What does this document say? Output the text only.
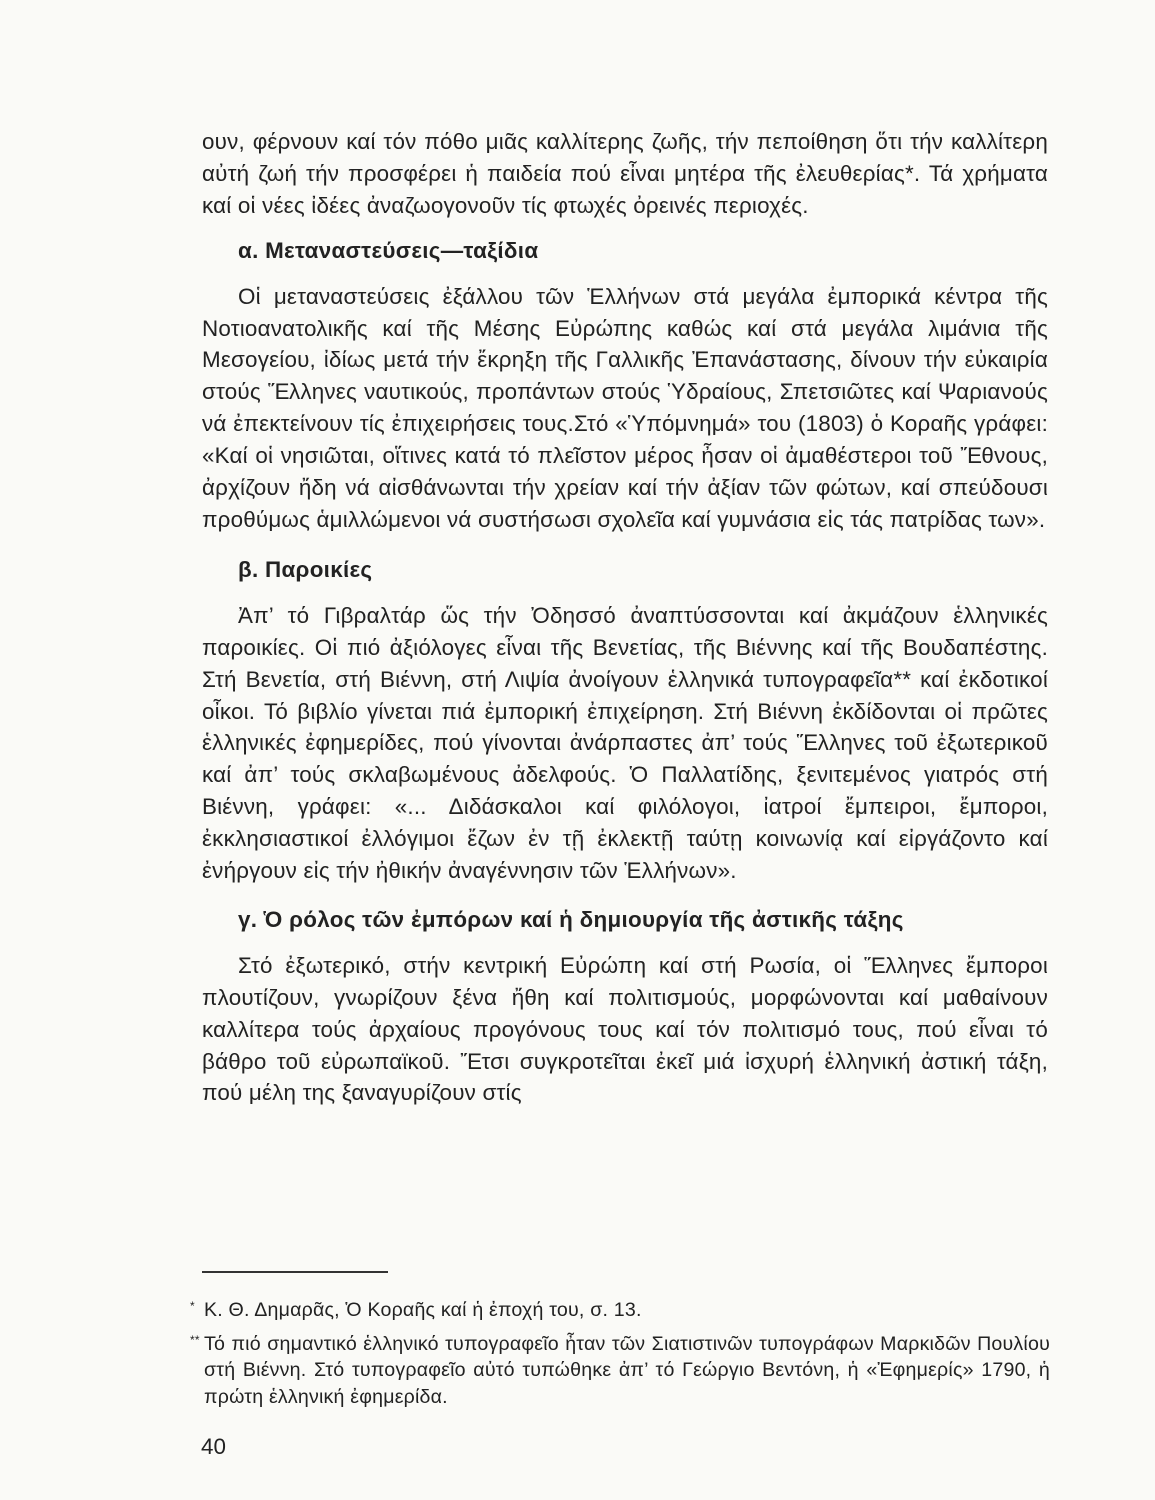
ουν, φέρνουν καί τόν πόθο μιᾶς καλλίτερης ζωῆς, τήν πεποίθηση ὅτι τήν καλλίτερη αὐτή ζωή τήν προσφέρει ἡ παιδεία πού εἶναι μητέρα τῆς ἐλευθερίας*. Τά χρήματα καί οἱ νέες ἰδέες ἀναζωογονοῦν τίς φτωχές ὀρεινές περιοχές.

α. Μεταναστεύσεις—ταξίδια

Οἱ μεταναστεύσεις ἐξάλλου τῶν Ἑλλήνων στά μεγάλα ἐμπορικά κέντρα τῆς Νοτιοανατολικῆς καί τῆς Μέσης Εὐρώπης καθώς καί στά μεγάλα λιμάνια τῆς Μεσογείου, ἰδίως μετά τήν ἔκρηξη τῆς Γαλλικῆς Ἐπανάστασης, δίνουν τήν εὐκαιρία στούς Ἕλληνες ναυτικούς, προπάντων στούς Ὑδραίους, Σπετσιῶτες καί Ψαριανούς νά ἐπεκτείνουν τίς ἐπιχειρήσεις τους.Στό «Ὑπόμνημά» του (1803) ὁ Κοραῆς γράφει: «Καί οἱ νησιῶται, οἵτινες κατά τό πλεῖστον μέρος ἦσαν οἱ ἀμαθέστεροι τοῦ Ἔθνους, ἀρχίζουν ἤδη νά αἰσθάνωνται τήν χρείαν καί τήν ἀξίαν τῶν φώτων, καί σπεύδουσι προθύμως ἁμιλλώμενοι νά συστήσωσι σχολεῖα καί γυμνάσια εἰς τάς πατρίδας των».

β. Παροικίες

Ἀπ’ τό Γιβραλτάρ ὥς τήν Ὀδησσό ἀναπτύσσονται καί ἀκμάζουν ἑλληνικές παροικίες. Οἱ πιό ἀξιόλογες εἶναι τῆς Βενετίας, τῆς Βιέννης καί τῆς Βουδαπέστης. Στή Βενετία, στή Βιέννη, στή Λιψία ἀνοίγουν ἑλληνικά τυπογραφεῖα** καί ἐκδοτικοί οἶκοι. Τό βιβλίο γίνεται πιά ἐμπορική ἐπιχείρηση. Στή Βιέννη ἐκδίδονται οἱ πρῶτες ἑλληνικές ἐφημερίδες, πού γίνονται ἀνάρπαστες ἀπ’ τούς Ἕλληνες τοῦ ἐξωτερικοῦ καί ἀπ’ τούς σκλαβωμένους ἀδελφούς. Ὁ Παλλατίδης, ξενιτεμένος γιατρός στή Βιέννη, γράφει: «... Διδάσκαλοι καί φιλόλογοι, ἰατροί ἔμπειροι, ἔμποροι, ἐκκλησιαστικοί ἐλλόγιμοι ἔζων ἐν τῇ ἐκλεκτῇ ταύτῃ κοινωνίᾳ καί εἰργάζοντο καί ἐνήργουν εἰς τήν ἠθικήν ἀναγέννησιν τῶν Ἑλλήνων».

γ. Ὁ ρόλος τῶν ἐμπόρων καί ἡ δημιουργία τῆς ἀστικῆς τάξης

Στό ἐξωτερικό, στήν κεντρική Εὐρώπη καί στή Ρωσία, οἱ Ἕλληνες ἔμποροι πλουτίζουν, γνωρίζουν ξένα ἤθη καί πολιτισμούς, μορφώνονται καί μαθαίνουν καλλίτερα τούς ἀρχαίους προγόνους τους καί τόν πολιτισμό τους, πού εἶναι τό βάθρο τοῦ εὐρωπαϊκοῦ. Ἔτσι συγκροτεῖται ἐκεῖ μιά ἰσχυρή ἑλληνική ἀστική τάξη, πού μέλη της ξαναγυρίζουν στίς

* Κ. Θ. Δημαρᾶς, Ὁ Κοραῆς καί ἡ ἐποχή του, σ. 13.

** Τό πιό σημαντικό ἑλληνικό τυπογραφεῖο ἦταν τῶν Σιατιστινῶν τυπογράφων Μαρκιδῶν Πουλίου στή Βιέννη. Στό τυπογραφεῖο αὐτό τυπώθηκε ἀπ’ τό Γεώργιο Βεντόνη, ἡ «Ἐφημερίς» 1790, ἡ πρώτη ἑλληνική ἐφημερίδα.

40
